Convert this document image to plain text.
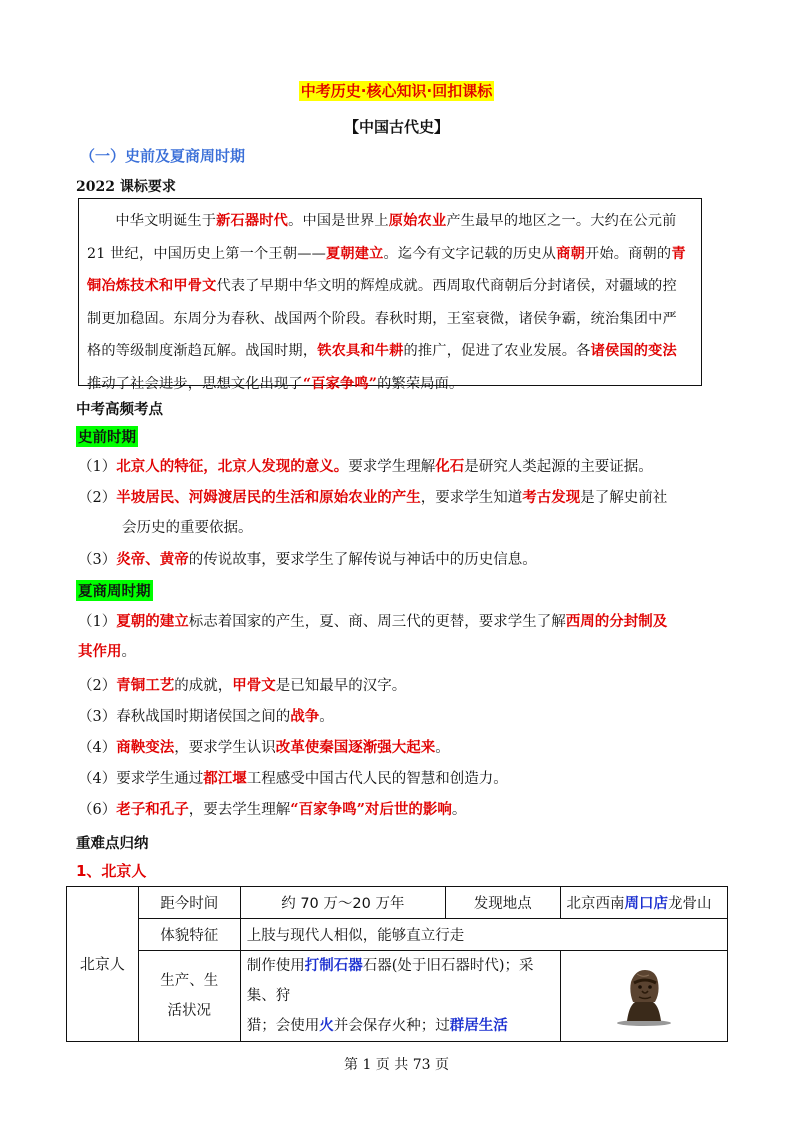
中考历史·核心知识·回扣课标
【中国古代史】
（一）史前及夏商周时期
2022 课标要求
中华文明诞生于新石器时代。中国是世界上原始农业产生最早的地区之一。大约在公元前 21 世纪，中国历史上第一个王朝——夏朝建立。迄今有文字记载的历史从商朝开始。商朝的青铜冶炼技术和甲骨文代表了早期中华文明的辉煌成就。西周取代商朝后分封诸侯，对疆域的控制更加稳固。东周分为春秋、战国两个阶段。春秋时期，王室衰微，诸侯争霸，统治集团中严格的等级制度渐趋瓦解。战国时期，铁农具和牛耕的推广，促进了农业发展。各诸侯国的变法推动了社会进步，思想文化出现了“百家争鸣”的繁荣局面。
中考高频考点
史前时期
（1）北京人的特征，北京人发现的意义。要求学生理解化石是研究人类起源的主要证据。
（2）半坡居民、河姆渡居民的生活和原始农业的产生，要求学生知道考古发现是了解史前社
会历史的重要依据。
（3）炎帝、黄帝的传说故事，要求学生了解传说与神话中的历史信息。
夏商周时期
（1）夏朝的建立标志着国家的产生，夏、商、周三代的更替，要求学生了解西周的分封制及
其作用。
（2）青铜工艺的成就，甲骨文是已知最早的汉字。
（3）春秋战国时期诸侯国之间的战争。
（4）商鞅变法，要求学生认识改革使秦国逐渐强大起来。
（4）要求学生通过都江堰工程感受中国古代人民的智慧和创造力。
（6）老子和孔子，要去学生理解“百家争鸣”对后世的影响。
重难点归纳
1、北京人
北京人	距今时间	约 70 万～20 万年	发现地点	北京西南周口店龙骨山
	体貌特征	上肢与现代人相似，能够直立行走		
	生产、生
活状况	制作使用打制石器石器(处于旧石器时代)；采集、狩
猎；会使用火并会保存火种；过群居生活	
第 1 页 共 73 页
